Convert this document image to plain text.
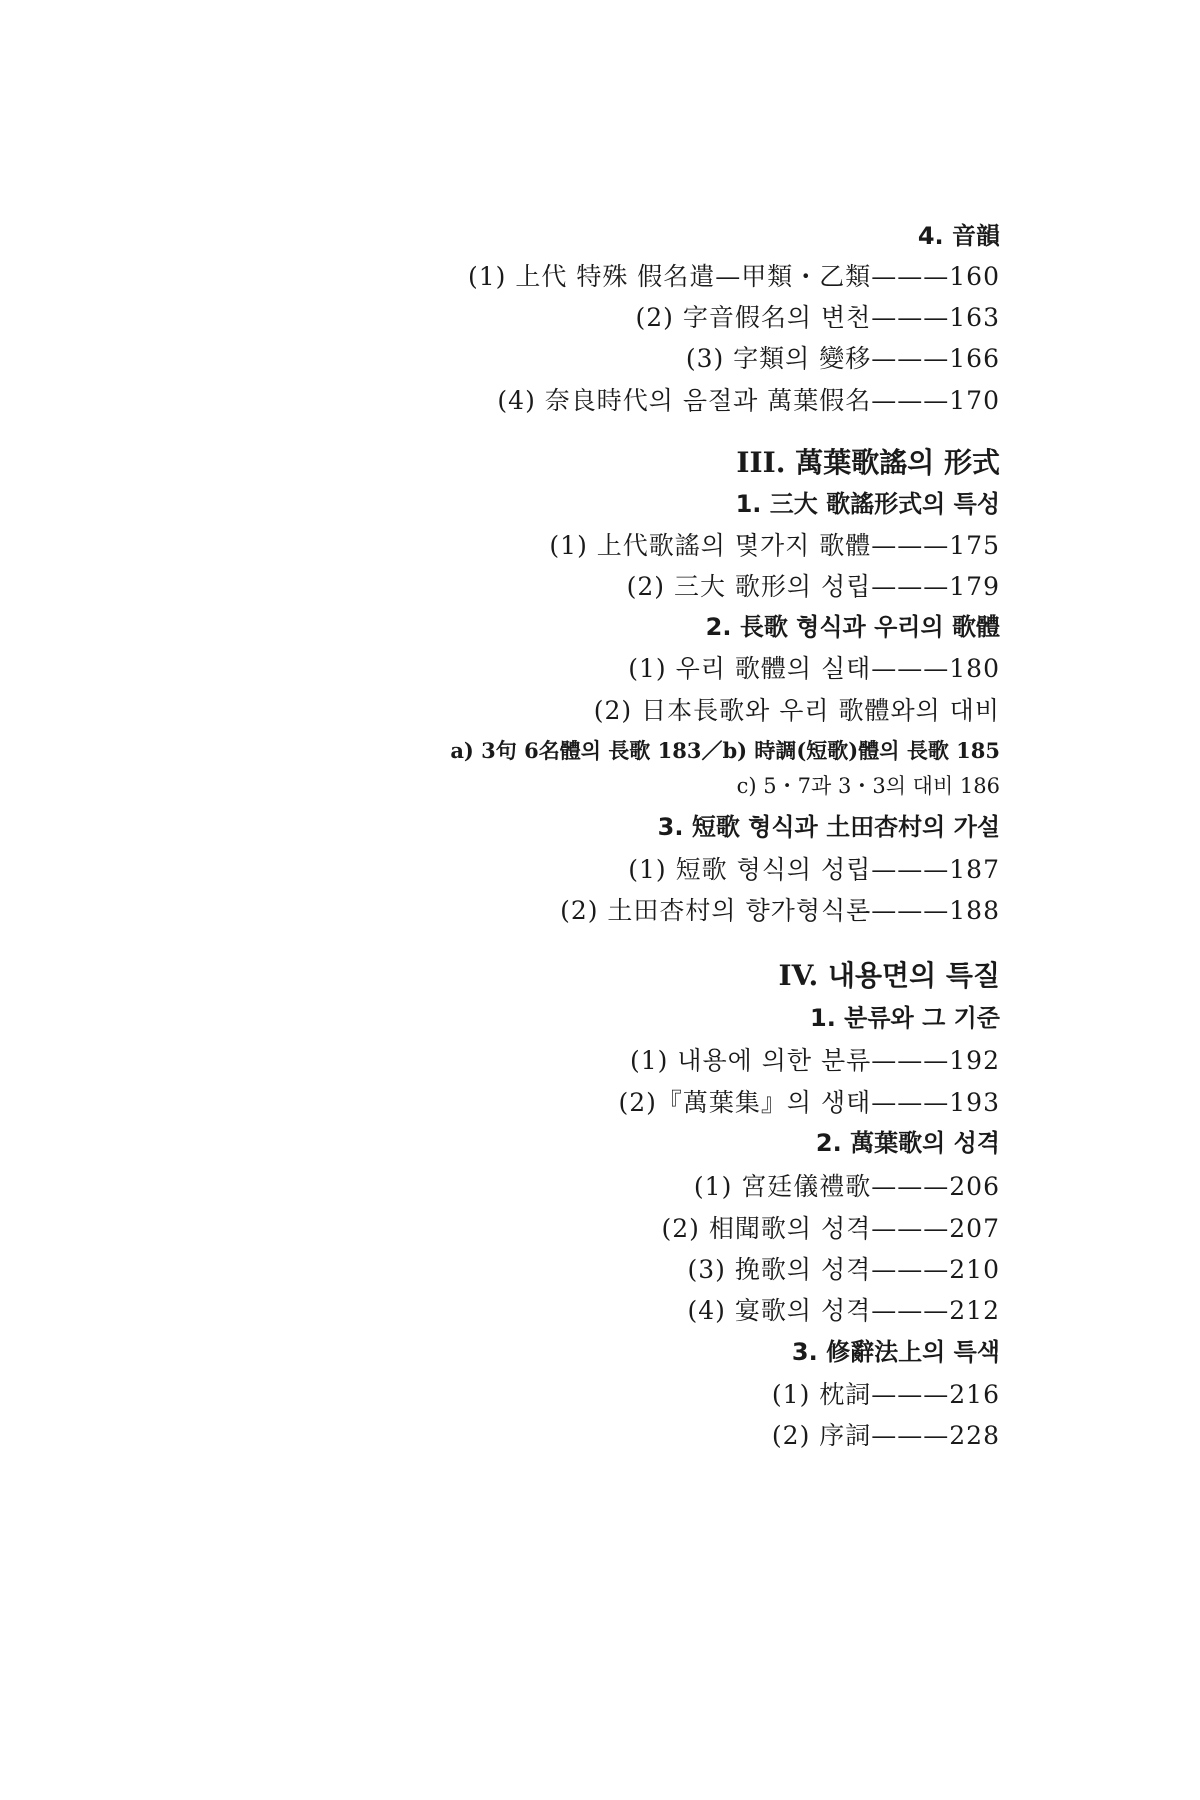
4. 音韻
(1) 上代 特殊 假名遣—甲類・乙類———160
(2) 字音假名의 변천———163
(3) 字類의 變移———166
(4) 奈良時代의 음절과 萬葉假名———170
III. 萬葉歌謠의 形式
1. 三大 歌謠形式의 특성
(1) 上代歌謠의 몇가지 歌體———175
(2) 三大 歌形의 성립———179
2. 長歌 형식과 우리의 歌體
(1) 우리 歌體의 실태———180
(2) 日本長歌와 우리 歌體와의 대비
a) 3句 6名體의 長歌 183／b) 時調(短歌)體의 長歌 185
c) 5・7과 3・3의 대비 186
3. 短歌 형식과 土田杏村의 가설
(1) 短歌 형식의 성립———187
(2) 土田杏村의 향가형식론———188
IV. 내용면의 특질
1. 분류와 그 기준
(1) 내용에 의한 분류———192
(2)『萬葉集』의 생태———193
2. 萬葉歌의 성격
(1) 宮廷儀禮歌———206
(2) 相聞歌의 성격———207
(3) 挽歌의 성격———210
(4) 宴歌의 성격———212
3. 修辭法上의 특색
(1) 枕詞———216
(2) 序詞———228
